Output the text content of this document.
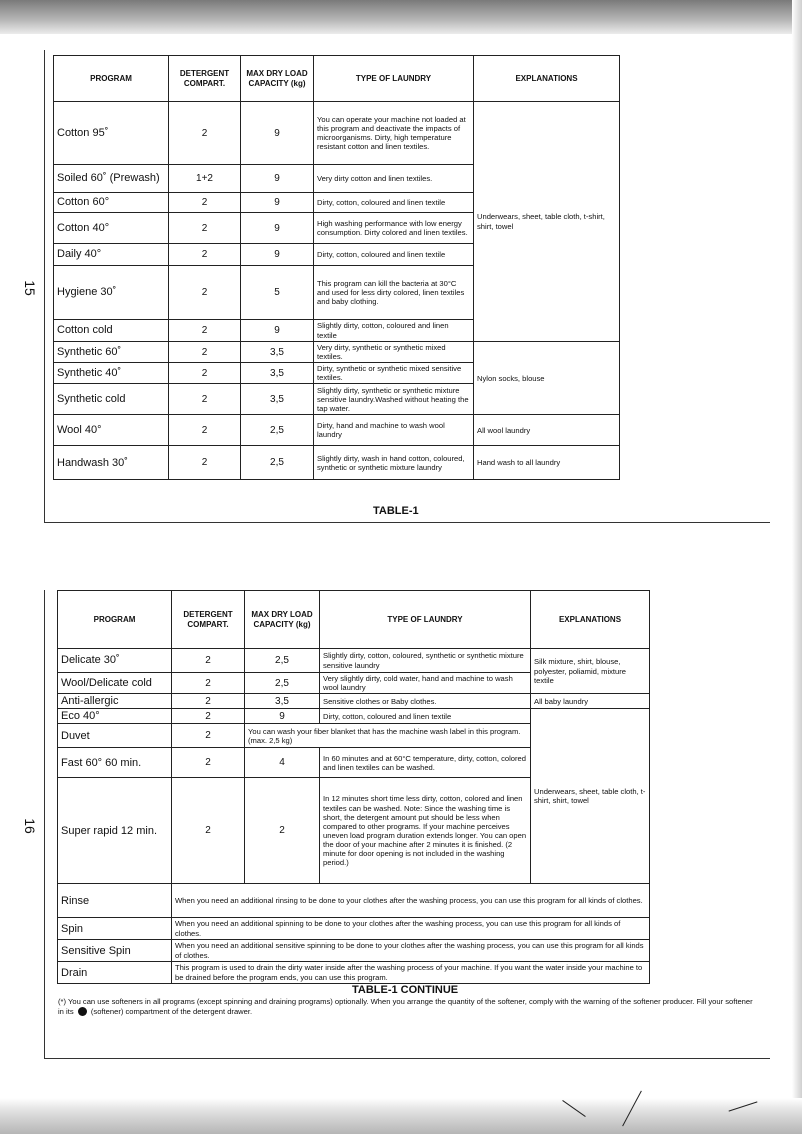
15
PROGRAM	DETERGENT COMPART.	MAX DRY LOAD CAPACITY (kg)	TYPE OF LAUNDRY	EXPLANATIONS
Cotton 95˚	2	9	You can operate your machine not loaded at this program and deactivate the impacts of microorganisms. Dirty, high temperature resistant cotton and linen textiles.	Underwears, sheet, table cloth, t-shirt, shirt, towel
Soiled 60˚ (Prewash)	1+2	9	Very dirty cotton and linen textiles.	
Cotton 60°	2	9	Dirty, cotton, coloured and linen textile	
Cotton 40°	2	9	High washing performance with low energy consumption. Dirty colored and linen textiles.	
Daily 40°	2	9	Dirty, cotton, coloured and linen textile	
Hygiene 30˚	2	5	This program can kill the bacteria at 30°C and used for less dirty colored, linen textiles and baby clothing.	
Cotton cold	2	9	Slightly dirty, cotton, coloured and linen textile	
Synthetic 60˚	2	3,5	Very dirty, synthetic or synthetic mixed textiles.	Nylon socks, blouse
Synthetic 40˚	2	3,5	Dirty, synthetic or synthetic mixed sensitive textiles.	
Synthetic cold	2	3,5	Slightly dirty, synthetic or synthetic mixture sensitive laundry.Washed without heating the tap water.	
Wool 40°	2	2,5	Dirty, hand and machine to wash wool laundry	All wool laundry
Handwash 30˚	2	2,5	Slightly dirty, wash in hand cotton, coloured, synthetic or synthetic mixture laundry	Hand wash to all laundry
TABLE-1
16
PROGRAM	DETERGENT COMPART.	MAX DRY LOAD CAPACITY (kg)	TYPE OF LAUNDRY	EXPLANATIONS
Delicate 30˚	2	2,5	Slightly dirty, cotton, coloured, synthetic or synthetic mixture sensitive laundry	Silk mixture, shirt, blouse, polyester, poliamid, mixture textile
Wool/Delicate cold	2	2,5	Very slightly dirty, cold water, hand and machine to wash wool laundry	
Anti-allergic	2	3,5	Sensitive clothes or Baby clothes.	All baby laundry
Eco 40°	2	9	Dirty, cotton, coloured and linen textile	Underwears, sheet, table cloth, t-shirt, shirt, towel
Duvet	2	You can wash your fiber blanket that has the machine wash label in this program. (max. 2,5 kg)		
Fast 60° 60 min.	2	4	In 60 minutes and at 60°C temperature, dirty, cotton, colored and linen textiles can be washed.	
Super rapid 12 min.	2	2	In 12 minutes short time less dirty, cotton, colored and linen textiles can be washed. Note: Since the washing time is short, the detergent amount put should be less when compared to other programs. If your machine perceives uneven load program duration extends longer. You can open the door of your machine after 2 minutes it is finished. (2 minute for door opening is not included in the washing period.)	
Rinse	When you need an additional rinsing to be done to your clothes after the washing process, you can use this program for all kinds of clothes.			
Spin	When you need an additional spinning to be done to your clothes after the washing process, you can use this program for all kinds of clothes.			
Sensitive Spin	When you need an additional sensitive spinning to be done to your clothes after the washing process, you can use this program for all kinds of clothes.			
Drain	This program is used to drain the dirty water inside after the washing process of your machine. If you want the water inside your machine to be drained before the program ends, you can use this program.			
TABLE-1 CONTINUE
(*) You can use softeners in all programs (except spinning and draining programs) optionally. When you arrange the quantity of the softener, comply with the warning of the softener producer. Fill your softener in its (softener) compartment of the detergent drawer.
